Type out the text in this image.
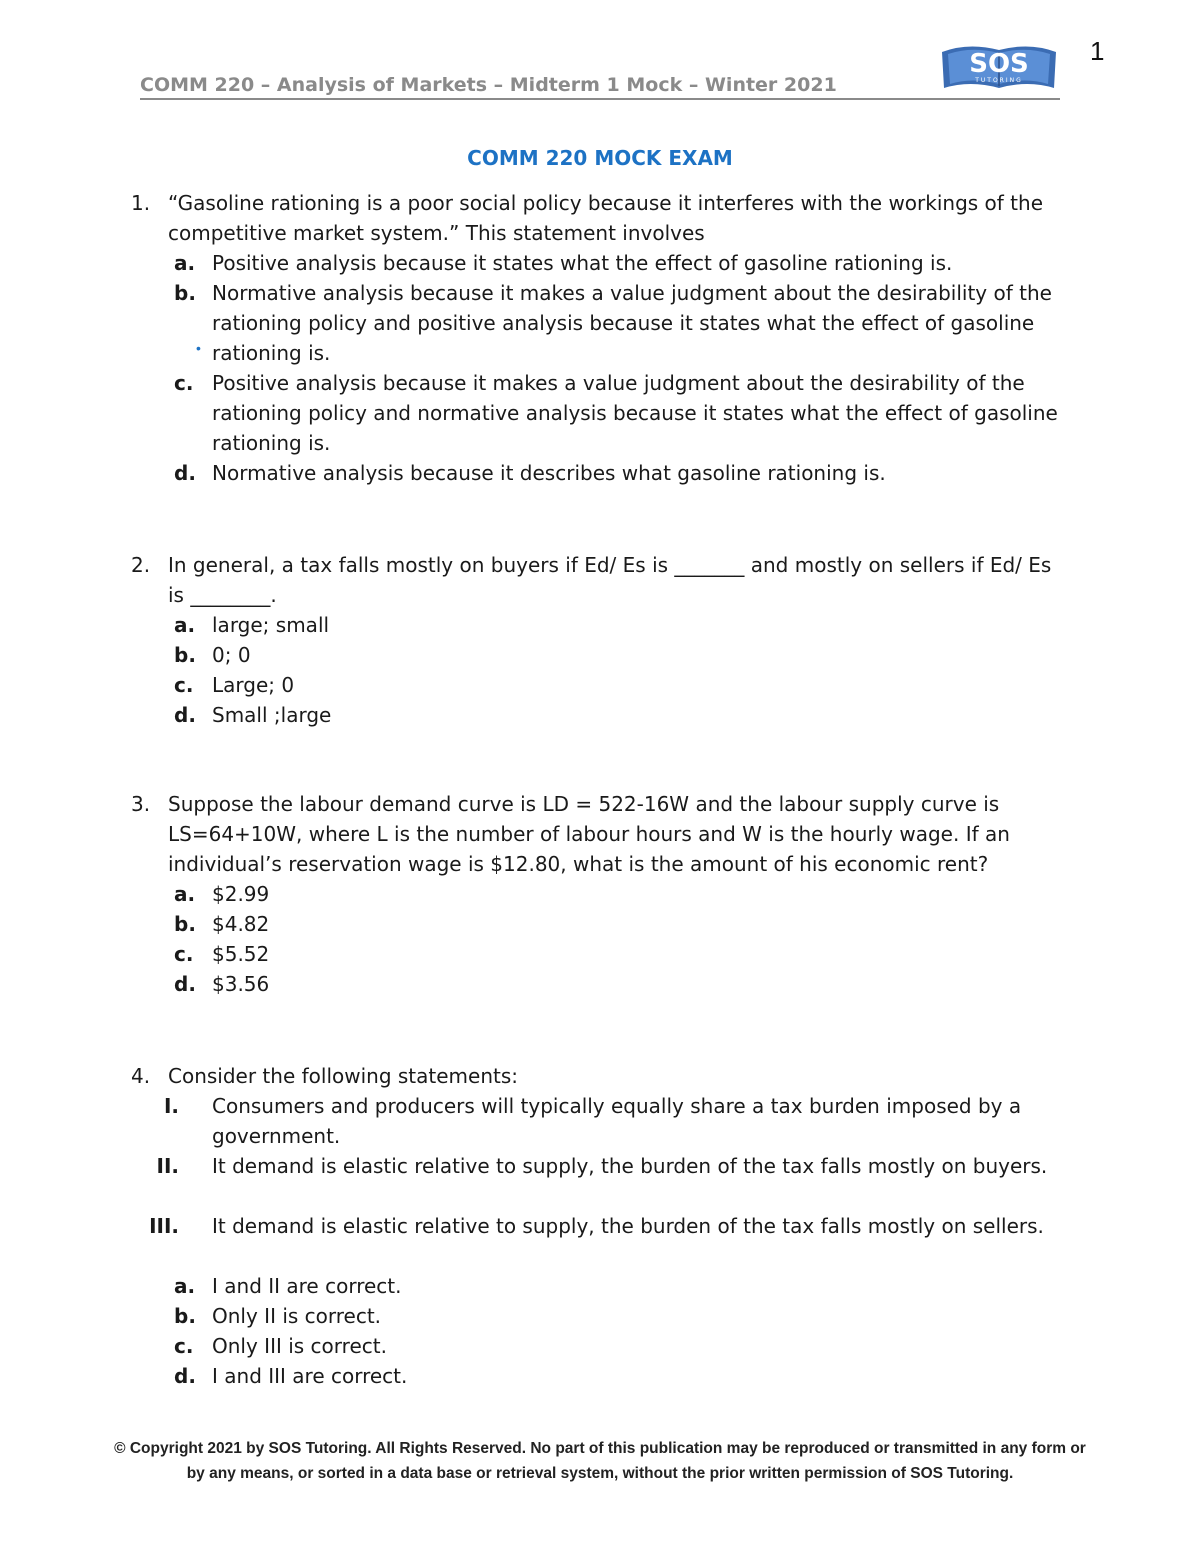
1
COMM 220 – Analysis of Markets – Midterm 1 Mock – Winter 2021
SOS
TUTORING
COMM 220 MOCK EXAM
1. “Gasoline rationing is a poor social policy because it interferes with the workings of the competitive market system.” This statement involves
a. Positive analysis because it states what the effect of gasoline rationing is.
b. Normative analysis because it makes a value judgment about the desirability of the rationing policy and positive analysis because it states what the effect of gasoline rationing is.
c. Positive analysis because it makes a value judgment about the desirability of the rationing policy and normative analysis because it states what the effect of gasoline rationing is.
d. Normative analysis because it describes what gasoline rationing is.
•
2. In general, a tax falls mostly on buyers if Ed/ Es is _______ and mostly on sellers if Ed/ Es is ________.
a. large; small
b. 0; 0
c. Large; 0
d. Small ;large
3. Suppose the labour demand curve is LD = 522-16W and the labour supply curve is LS=64+10W, where L is the number of labour hours and W is the hourly wage. If an individual’s reservation wage is $12.80, what is the amount of his economic rent?
a. $2.99
b. $4.82
c. $5.52
d. $3.56
4. Consider the following statements:
I. Consumers and producers will typically equally share a tax burden imposed by a government.
II. It demand is elastic relative to supply, the burden of the tax falls mostly on buyers.
III. It demand is elastic relative to supply, the burden of the tax falls mostly on sellers.
a. I and II are correct.
b. Only II is correct.
c. Only III is correct.
d. I and III are correct.
© Copyright 2021 by SOS Tutoring. All Rights Reserved. No part of this publication may be reproduced or transmitted in any form or
by any means, or sorted in a data base or retrieval system, without the prior written permission of SOS Tutoring.
